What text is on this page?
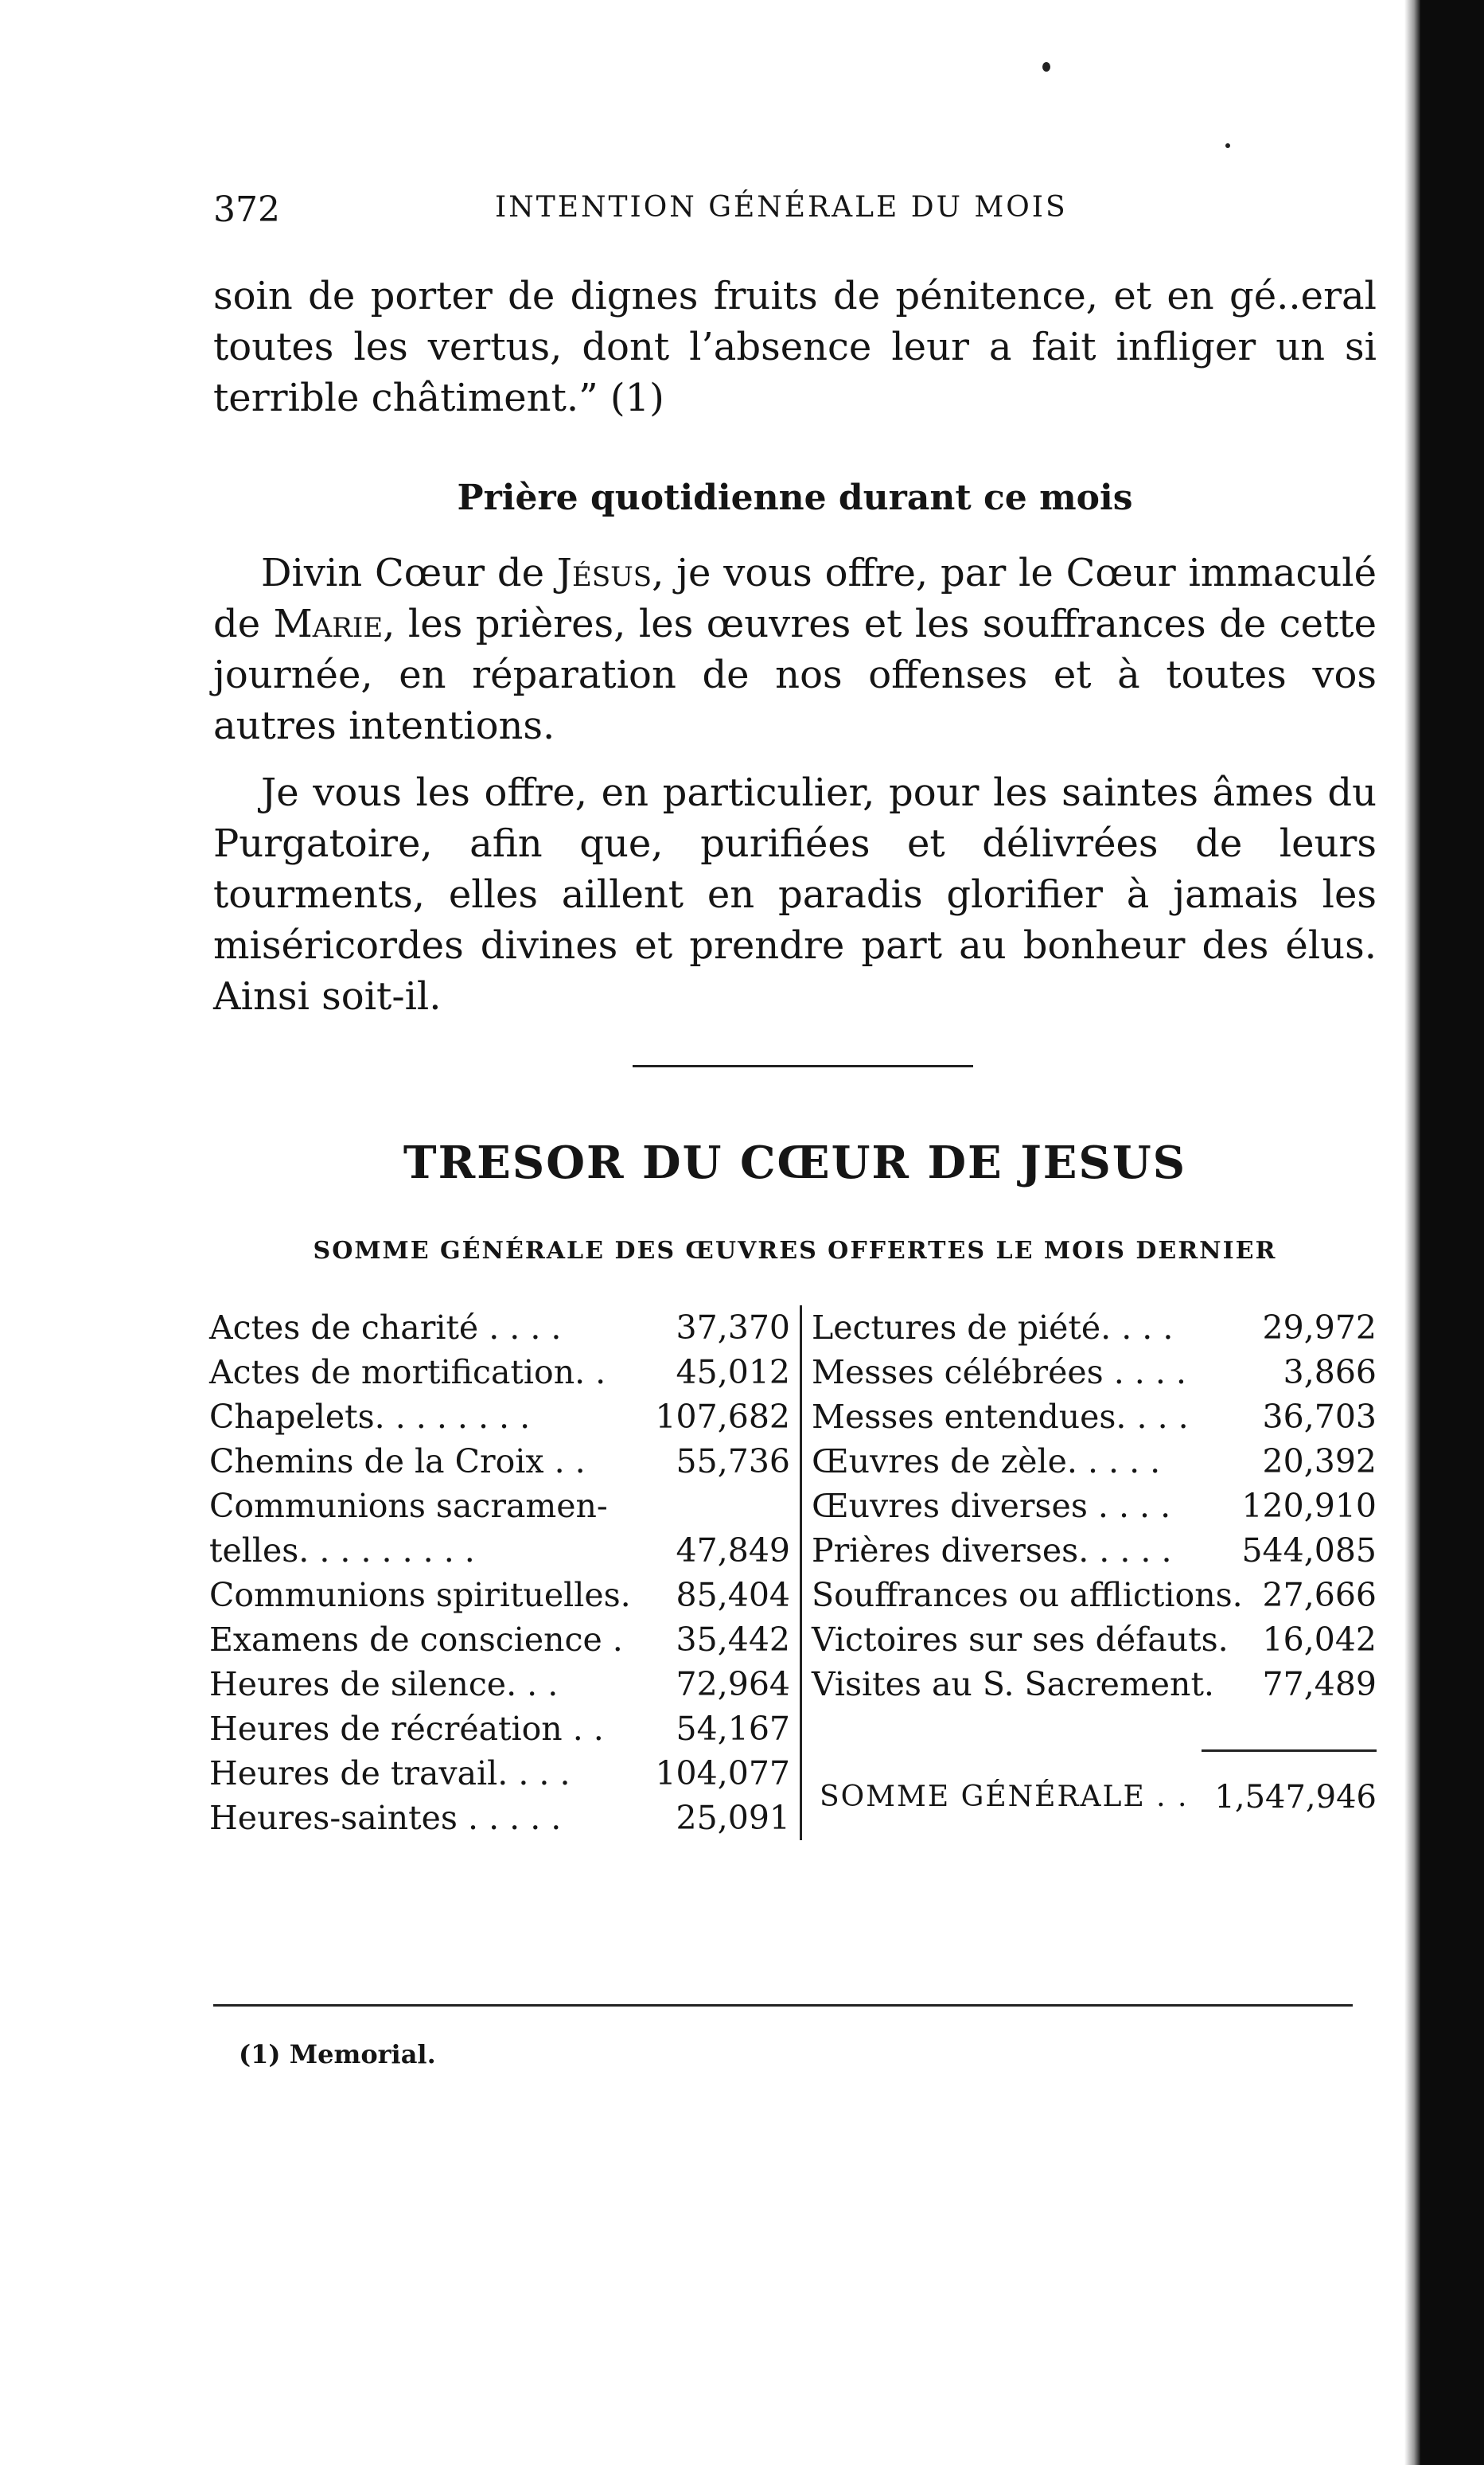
372	INTENTION GÉNÉRALE DU MOIS

soin de porter de dignes fruits de pénitence, et en gé..eral toutes les vertus, dont l’absence leur a fait infliger un si terrible châtiment.” (1)

Prière quotidienne durant ce mois

Divin Cœur de Jésus, je vous offre, par le Cœur immaculé de Marie, les prières, les œuvres et les souffrances de cette journée, en réparation de nos offenses et à toutes vos autres intentions.

Je vous les offre, en particulier, pour les saintes âmes du Purgatoire, afin que, purifiées et délivrées de leurs tourments, elles aillent en paradis glorifier à jamais les miséricordes divines et prendre part au bonheur des élus. Ainsi soit-il.

TRESOR DU CŒUR DE JESUS
SOMME GÉNÉRALE DES ŒUVRES OFFERTES LE MOIS DERNIER
Actes de charité . . . .	37,370
Actes de mortification. . 45,012
Chapelets. . . . . . . .	107,682
Chemins de la Croix . .	55,736
Communions sacramen-
telles. . . . . . . . .	47,849
Communions spirituelles. 85,404
Examens de conscience . 35,442
Heures de silence. . .	72,964
Heures de récréation . . 54,167
Heures de travail. . . .	104,077
Heures-saintes . . . . .	25,091
Lectures de piété. . . .	29,972
Messes célébrées . . . .	3,866
Messes entendues. . . . 36,703
Œuvres de zèle. . . . .	20,392
Œuvres diverses . . . . 120,910
Prières diverses. . . . . 544,085
Souffrances ou afflictions. 27,666
Victoires sur ses défauts. 16,042
Visites au S. Sacrement. 77,489
SOMME GÉNÉRALE . . 1,547,946

(1) Memorial.
